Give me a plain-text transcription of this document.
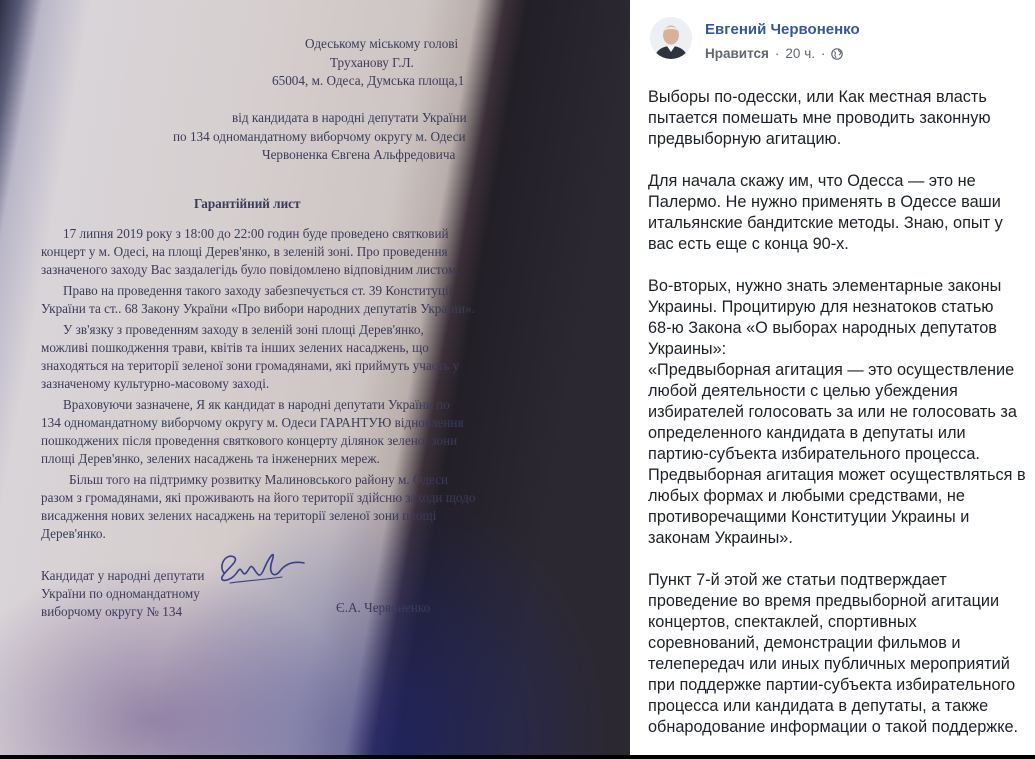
Одеському міському голові
Труханову Г.Л.
65004, м. Одеса, Думська площа,1
від кандидата в народні депутати України
по 134 одномандатному виборчому округу м. Одеси
Червоненка Євгена Альфредовича
Гарантійний лист
17 липня 2019 року з 18:00 до 22:00 годин буде проведено святковий
концерт у м. Одесі, на площі Дерев'янко, в зеленій зоні. Про проведення
зазначеного заходу Вас заздалегідь було повідомлено відповідним листом.
Право на проведення такого заходу забезпечується ст. 39 Конституції
України та ст.. 68 Закону України «Про вибори народних депутатів України».
У зв'язку з проведенням заходу в зеленій зоні площі Дерев'янко,
можливі пошкодження трави, квітів та інших зелених насаджень, що
знаходяться на території зеленої зони громадянами, які приймуть участь у
зазначеному культурно-масовому заході.
Враховуючи зазначене, Я як кандидат в народні депутати України по
134 одномандатному виборчому округу м. Одеси ГАРАНТУЮ відновлення
пошкоджених після проведення святкового концерту ділянок зеленої зони
площі Дерев'янко, зелених насаджень та інженерних мереж.
Більш того на підтримку розвитку Малиновського району м. Одеси
разом з громадянами, які проживають на його території здійсню заходи щодо
висадження нових зелених насаджень на території зеленої зони площі
Дерев'янко.
Кандидат у народні депутати
України по одномандатному
виборчому округу № 134	Є.А. Червоненко
Евгений Червоненко
Нравится · 20 ч. ·

Выборы по-одесски, или Как местная власть
пытается помешать мне проводить законную
предвыборную агитацию.

Для начала скажу им, что Одесса — это не
Палермо. Не нужно применять в Одессе ваши
итальянские бандитские методы. Знаю, опыт у
вас есть еще с конца 90-х.

Во-вторых, нужно знать элементарные законы
Украины. Процитирую для незнатоков статью
68-ю Закона «О выборах народных депутатов
Украины»:
«Предвыборная агитация — это осуществление
любой деятельности с целью убеждения
избирателей голосовать за или не голосовать за
определенного кандидата в депутаты или
партию-субъекта избирательного процесса.
Предвыборная агитация может осуществляться в
любых формах и любыми средствами, не
противоречащими Конституции Украины и
законам Украины».

Пункт 7-й этой же статьи подтверждает
проведение во время предвыборной агитации
концертов, спектаклей, спортивных
соревнований, демонстрации фильмов и
телепередач или иных публичных мероприятий
при поддержке партии-субъекта избирательного
процесса или кандидата в депутаты, а также
обнародование информации о такой поддержке.
